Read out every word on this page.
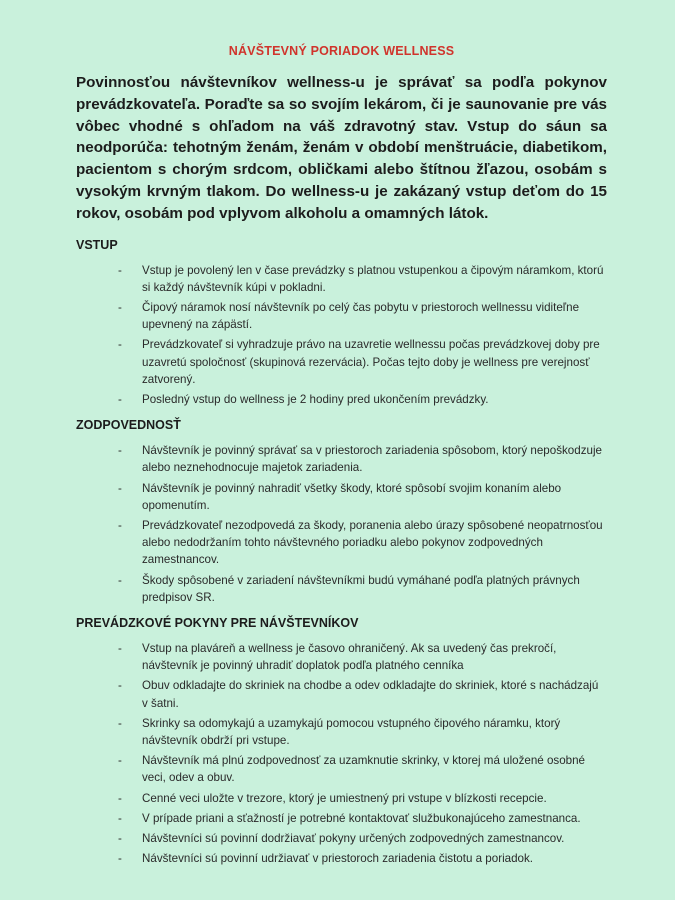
NÁVŠTEVNÝ PORIADOK WELLNESS

Povinnosťou návštevníkov wellness-u je správať sa podľa pokynov prevádzkovateľa. Poraďte sa so svojím lekárom, či je saunovanie pre vás vôbec vhodné s ohľadom na váš zdravotný stav. Vstup do sáun sa neodporúča: tehotným ženám, ženám v období menštruácie, diabetikom, pacientom s chorým srdcom, obličkami alebo štítnou žľazou, osobám s vysokým krvným tlakom. Do wellness-u je zakázaný vstup deťom do 15 rokov, osobám pod vplyvom alkoholu a omamných látok.

VSTUP
- Vstup je povolený len v čase prevádzky s platnou vstupenkou a čipovým náramkom, ktorú si každý návštevník kúpi v pokladni.
- Čipový náramok nosí návštevník po celý čas pobytu v priestoroch wellnessu viditeľne upevnený na zápästí.
- Prevádzkovateľ si vyhradzuje právo na uzavretie wellnessu počas prevádzkovej doby pre uzavretú spoločnosť (skupinová rezervácia). Počas tejto doby je wellness pre verejnosť zatvorený.
- Posledný vstup do wellness je 2 hodiny pred ukončením prevádzky.
ZODPOVEDNOSŤ
- Návštevník je povinný správať sa v priestoroch zariadenia spôsobom, ktorý nepoškodzuje alebo neznehodnocuje majetok zariadenia.
- Návštevník je povinný nahradiť všetky škody, ktoré spôsobí svojim konaním alebo opomenutím.
- Prevádzkovateľ nezodpovedá za škody, poranenia alebo úrazy spôsobené neopatrnosťou alebo nedodržaním tohto návštevného poriadku alebo pokynov zodpovedných zamestnancov.
- Škody spôsobené v zariadení návštevníkmi budú vymáhané podľa platných právnych predpisov SR.
PREVÁDZKOVÉ POKYNY PRE NÁVŠTEVNÍKOV
- Vstup na plaváreň a wellness je časovo ohraničený. Ak sa uvedený čas prekročí, návštevník je povinný uhradiť doplatok podľa platného cenníka
- Obuv odkladajte do skriniek na chodbe a odev odkladajte do skriniek, ktoré s nachádzajú v šatni.
- Skrinky sa odomykajú a uzamykajú pomocou vstupného čipového náramku, ktorý návštevník obdrží pri vstupe.
- Návštevník má plnú zodpovednosť za uzamknutie skrinky, v ktorej má uložené osobné veci, odev a obuv.
- Cenné veci uložte v trezore, ktorý je umiestnený pri vstupe v blízkosti recepcie.
- V prípade priani a sťažností je potrebné kontaktovať službukonajúceho zamestnanca.
- Návštevníci sú povinní dodržiavať pokyny určených zodpovedných zamestnancov.
- Návštevníci sú povinní udržiavať v priestoroch zariadenia čistotu a poriadok.
